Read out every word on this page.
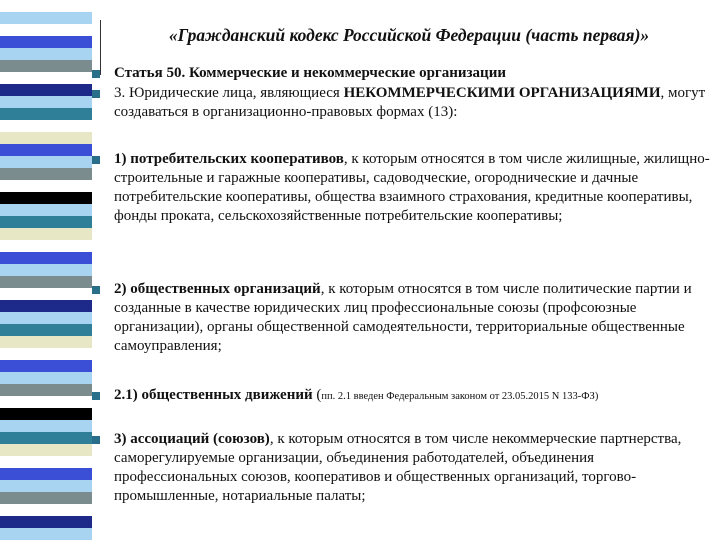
«Гражданский кодекс Российской Федерации (часть первая)»
Статья 50. Коммерческие и некоммерческие организации
3. Юридические лица, являющиеся НЕКОММЕРЧЕСКИМИ ОРГАНИЗАЦИЯМИ, могут создаваться в организационно-правовых формах (13):
1) потребительских кооперативов, к которым относятся в том числе жилищные, жилищно-строительные и гаражные кооперативы, садоводческие, огороднические и дачные потребительские кооперативы, общества взаимного страхования, кредитные кооперативы, фонды проката, сельскохозяйственные потребительские кооперативы;
2) общественных организаций, к которым относятся в том числе политические партии и созданные в качестве юридических лиц профессиональные союзы (профсоюзные организации), органы общественной самодеятельности, территориальные общественные самоуправления;
2.1) общественных движений (пп. 2.1 введен Федеральным законом от 23.05.2015 N 133-ФЗ)
3) ассоциаций (союзов), к которым относятся в том числе некоммерческие партнерства, саморегулируемые организации, объединения работодателей, объединения профессиональных союзов, кооперативов и общественных организаций, торгово-промышленные, нотариальные палаты;
